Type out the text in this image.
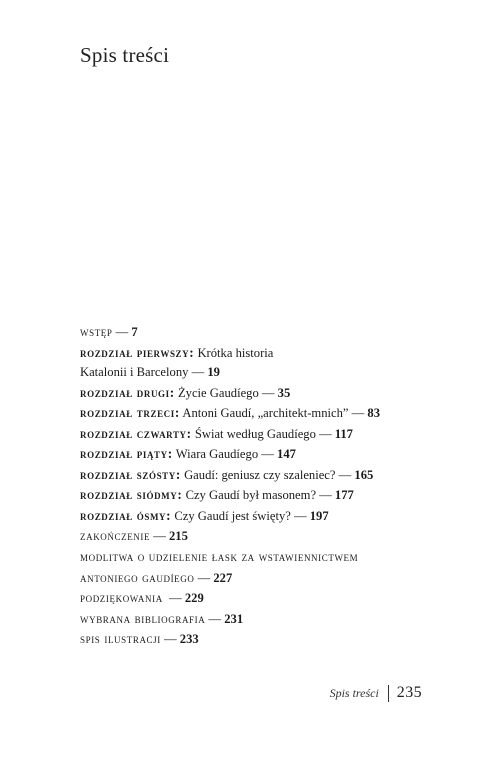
Spis treści
wstęp — 7
rozdział pierwszy: Krótka historia
Katalonii i Barcelony — 19
rozdział drugi: Życie Gaudíego — 35
rozdział trzeci: Antoni Gaudí, „architekt-mnich” — 83
rozdział czwarty: Świat według Gaudíego — 117
rozdział piąty: Wiara Gaudíego — 147
rozdział szósty: Gaudí: geniusz czy szaleniec? — 165
rozdział siódmy: Czy Gaudí był masonem? — 177
rozdział ósmy: Czy Gaudí jest święty? — 197
zakończenie — 215
modlitwa o udzielenie łask za wstawiennictwem
antoniego gaudíego — 227
podziękowania  — 229
wybrana bibliografia — 231
spis ilustracji — 233
Spis treści 235
